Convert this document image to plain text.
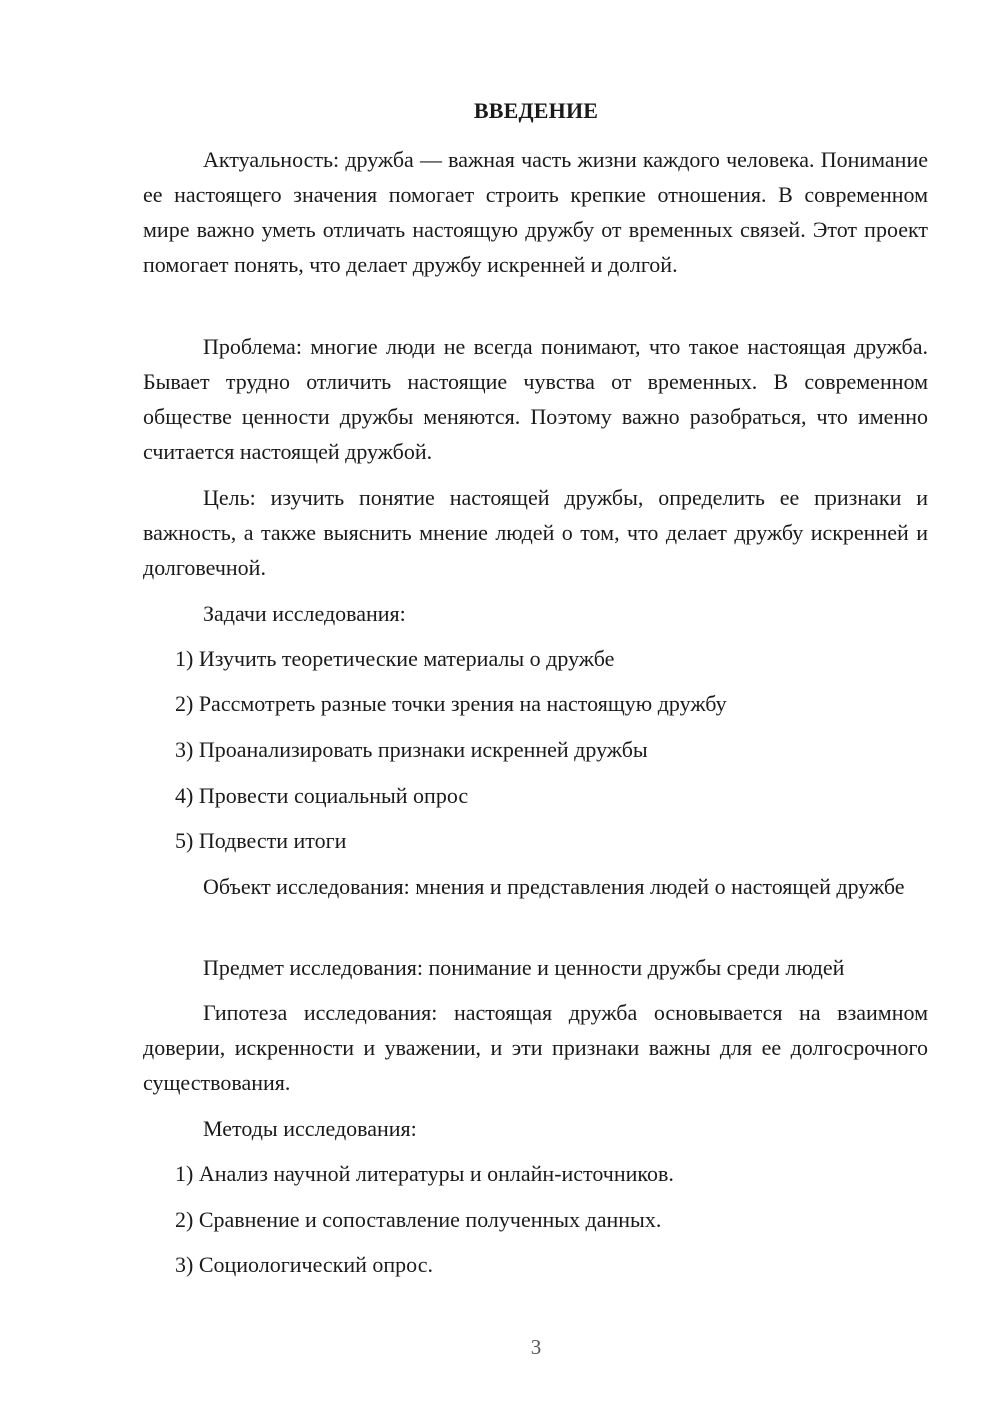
ВВЕДЕНИЕ

Актуальность: дружба — важная часть жизни каждого человека. Понимание ее настоящего значения помогает строить крепкие отношения. В современном мире важно уметь отличать настоящую дружбу от временных связей. Этот проект помогает понять, что делает дружбу искренней и долгой.

Проблема: многие люди не всегда понимают, что такое настоящая дружба. Бывает трудно отличить настоящие чувства от временных. В современном обществе ценности дружбы меняются. Поэтому важно разобраться, что именно считается настоящей дружбой.

Цель: изучить понятие настоящей дружбы, определить ее признаки и важность, а также выяснить мнение людей о том, что делает дружбу искренней и долговечной.

Задачи исследования:

1) Изучить теоретические материалы о дружбе
2) Рассмотреть разные точки зрения на настоящую дружбу
3) Проанализировать признаки искренней дружбы
4) Провести социальный опрос
5) Подвести итоги

Объект исследования: мнения и представления людей о настоящей дружбе

Предмет исследования: понимание и ценности дружбы среди людей

Гипотеза исследования: настоящая дружба основывается на взаимном доверии, искренности и уважении, и эти признаки важны для ее долгосрочного существования.

Методы исследования:

1) Анализ научной литературы и онлайн-источников.
2) Сравнение и сопоставление полученных данных.
3) Социологический опрос.
3
